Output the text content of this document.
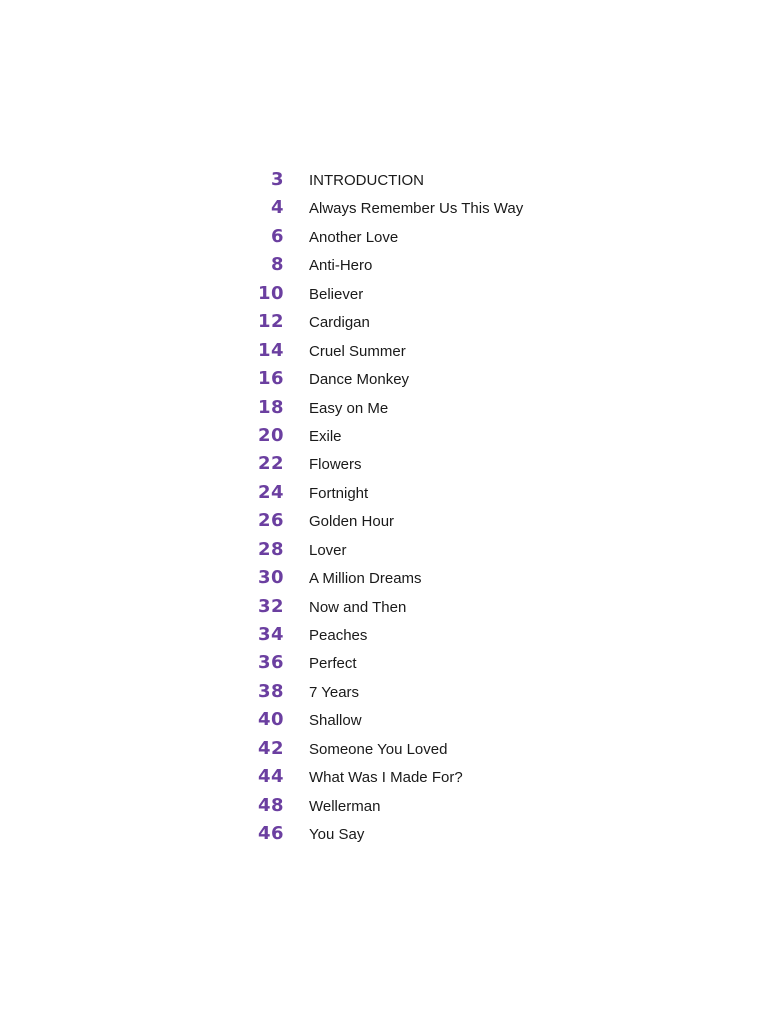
3 INTRODUCTION
4 Always Remember Us This Way
6 Another Love
8 Anti-Hero
10 Believer
12 Cardigan
14 Cruel Summer
16 Dance Monkey
18 Easy on Me
20 Exile
22 Flowers
24 Fortnight
26 Golden Hour
28 Lover
30 A Million Dreams
32 Now and Then
34 Peaches
36 Perfect
38 7 Years
40 Shallow
42 Someone You Loved
44 What Was I Made For?
48 Wellerman
46 You Say
